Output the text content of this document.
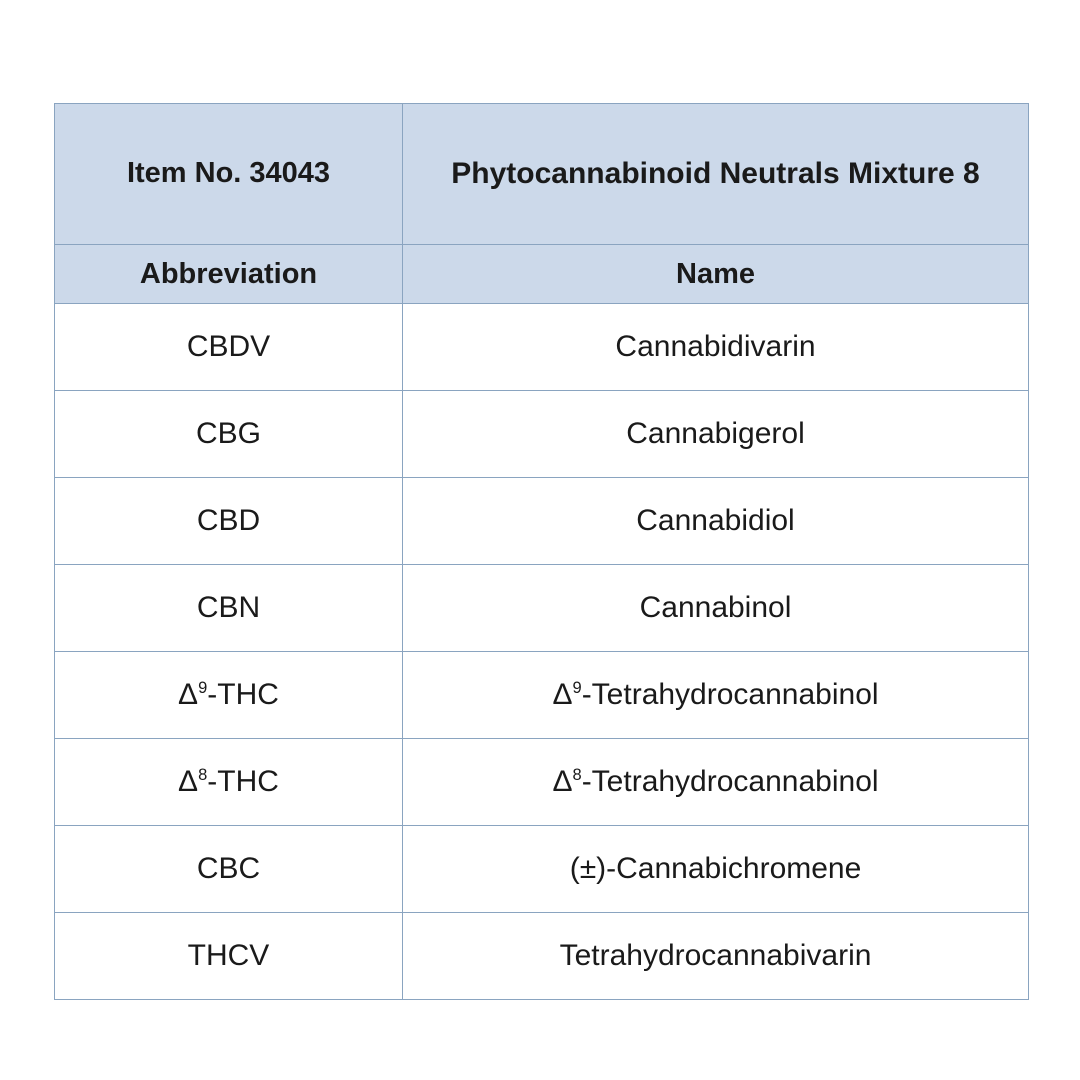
Item No. 34043	Phytocannabinoid Neutrals Mixture 8
Abbreviation	Name
CBDV	Cannabidivarin
CBG	Cannabigerol
CBD	Cannabidiol
CBN	Cannabinol
$\Delta^9$-THC	$\Delta^9$-Tetrahydrocannabinol
$\Delta^8$-THC	$\Delta^8$-Tetrahydrocannabinol
CBC	(±)-Cannabichromene
THCV	Tetrahydrocannabivarin
